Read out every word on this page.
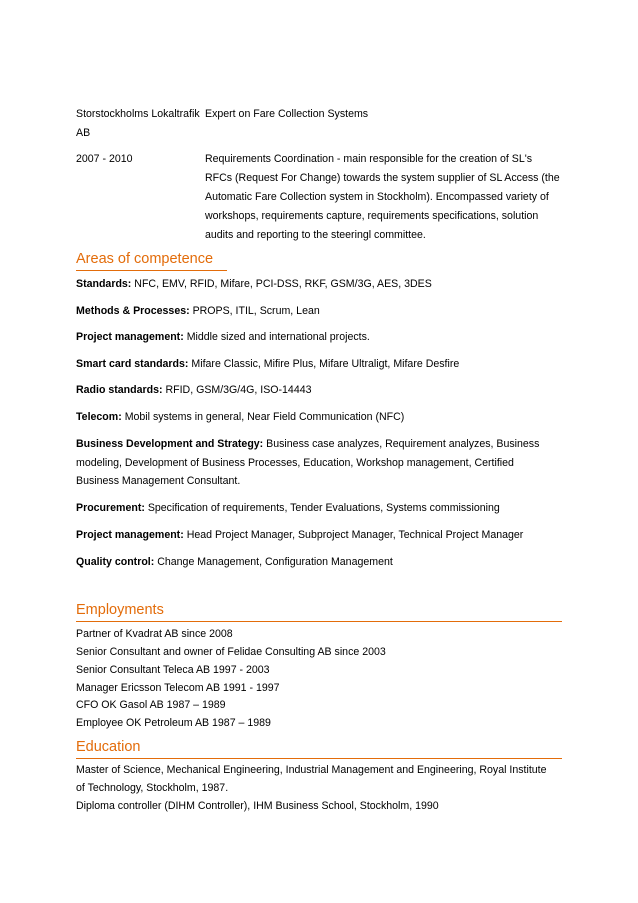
Storstockholms Lokaltrafik
AB
Expert on Fare Collection Systems
2007 - 2010	Requirements Coordination - main responsible for the creation of SL's
RFCs (Request For Change) towards the system supplier of SL Access (the
Automatic Fare Collection system in Stockholm). Encompassed variety of
workshops, requirements capture, requirements specifications, solution
audits and reporting to the steeringl committee.
Areas of competence
Standards: NFC, EMV, RFID, Mifare, PCI-DSS, RKF, GSM/3G, AES, 3DES
Methods & Processes: PROPS, ITIL, Scrum, Lean
Project management: Middle sized and international projects.
Smart card standards: Mifare Classic, Mifire Plus, Mifare Ultraligt, Mifare Desfire
Radio standards: RFID, GSM/3G/4G, ISO-14443
Telecom: Mobil systems in general, Near Field Communication (NFC)
Business Development and Strategy: Business case analyzes, Requirement analyzes, Business
modeling, Development of Business Processes, Education, Workshop management, Certified
Business Management Consultant.
Procurement: Specification of requirements, Tender Evaluations, Systems commissioning
Project management: Head Project Manager, Subproject Manager, Technical Project Manager
Quality control: Change Management, Configuration Management
Employments
Partner of Kvadrat AB since 2008
Senior Consultant and owner of Felidae Consulting AB since 2003
Senior Consultant Teleca AB 1997 - 2003
Manager Ericsson Telecom AB 1991 - 1997
CFO OK Gasol AB 1987 – 1989
Employee OK Petroleum AB 1987 – 1989
Education
Master of Science, Mechanical Engineering, Industrial Management and Engineering, Royal Institute
of Technology, Stockholm, 1987.
Diploma controller (DIHM Controller), IHM Business School, Stockholm, 1990
